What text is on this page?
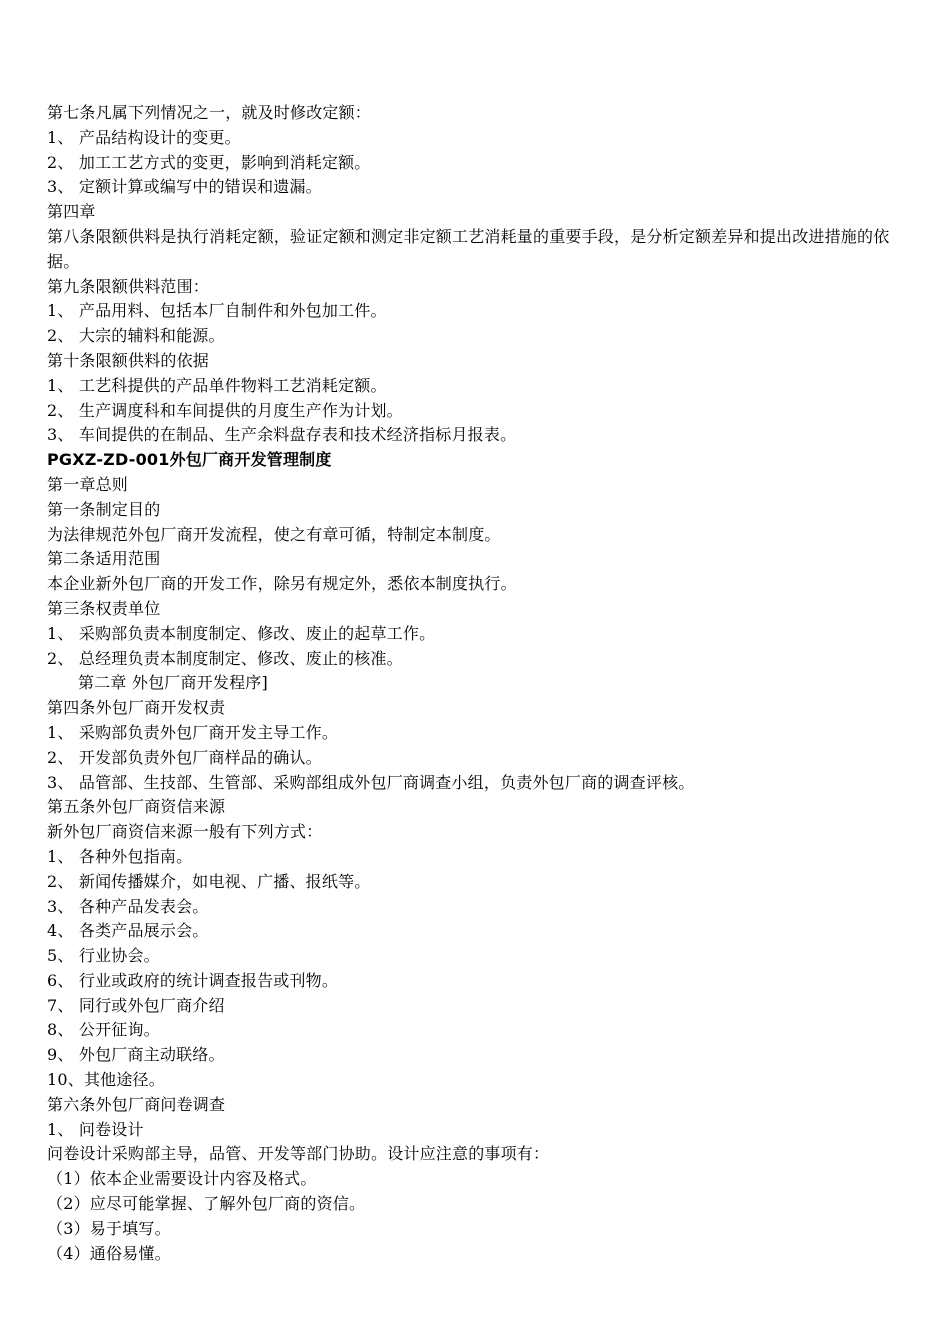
第七条凡属下列情况之一，就及时修改定额：
1、 产品结构设计的变更。
2、 加工工艺方式的变更，影响到消耗定额。
3、 定额计算或编写中的错误和遗漏。
第四章
第八条限额供料是执行消耗定额，验证定额和测定非定额工艺消耗量的重要手段，是分析定额差异和提出改进措施的依据。
第九条限额供料范围：
1、 产品用料、包括本厂自制件和外包加工件。
2、 大宗的辅料和能源。
第十条限额供料的依据
1、 工艺科提供的产品单件物料工艺消耗定额。
2、 生产调度科和车间提供的月度生产作为计划。
3、 车间提供的在制品、生产余料盘存表和技术经济指标月报表。
PGXZ-ZD-001外包厂商开发管理制度
第一章总则
第一条制定目的
为法律规范外包厂商开发流程，使之有章可循，特制定本制度。
第二条适用范围
本企业新外包厂商的开发工作，除另有规定外，悉依本制度执行。
第三条权责单位
1、 采购部负责本制度制定、修改、废止的起草工作。
2、 总经理负责本制度制定、修改、废止的核准。
第二章 外包厂商开发程序]
第四条外包厂商开发权责
1、 采购部负责外包厂商开发主导工作。
2、 开发部负责外包厂商样品的确认。
3、 品管部、生技部、生管部、采购部组成外包厂商调查小组，负责外包厂商的调查评核。
第五条外包厂商资信来源
新外包厂商资信来源一般有下列方式：
1、 各种外包指南。
2、 新闻传播媒介，如电视、广播、报纸等。
3、 各种产品发表会。
4、 各类产品展示会。
5、 行业协会。
6、 行业或政府的统计调查报告或刊物。
7、 同行或外包厂商介绍
8、 公开征询。
9、 外包厂商主动联络。
10、其他途径。
第六条外包厂商问卷调查
1、 问卷设计
问卷设计采购部主导，品管、开发等部门协助。设计应注意的事项有：
（1）依本企业需要设计内容及格式。
（2）应尽可能掌握、了解外包厂商的资信。
（3）易于填写。
（4）通俗易懂。
